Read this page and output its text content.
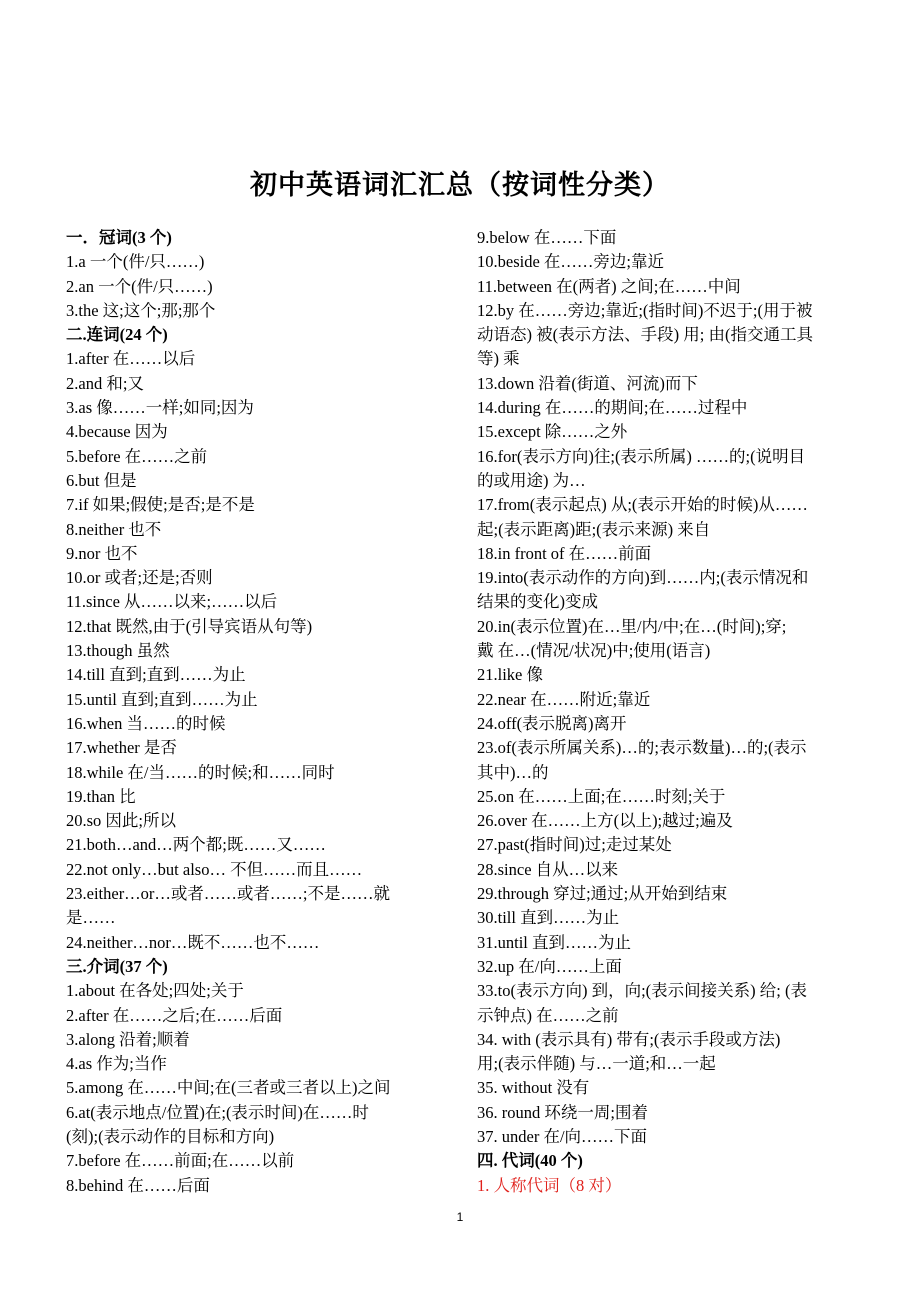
初中英语词汇汇总（按词性分类）
一．冠词(3 个)
1.a 一个(件/只……)
2.an 一个(件/只……)
3.the 这;这个;那;那个
二.连词(24 个)
1.after 在……以后
2.and 和;又
3.as 像……一样;如同;因为
4.because 因为
5.before 在……之前
6.but 但是
7.if 如果;假使;是否;是不是
8.neither 也不
9.nor 也不
10.or 或者;还是;否则
11.since 从……以来;……以后
12.that 既然,由于(引导宾语从句等)
13.though 虽然
14.till 直到;直到……为止
15.until 直到;直到……为止
16.when 当……的时候
17.whether 是否
18.while 在/当……的时候;和……同时
19.than 比
20.so 因此;所以
21.both…and…两个都;既……又……
22.not only…but also… 不但……而且……
23.either…or…或者……或者……;不是……就
是……
24.neither…nor…既不……也不……
三.介词(37 个)
1.about 在各处;四处;关于
2.after 在……之后;在……后面
3.along 沿着;顺着
4.as 作为;当作
5.among 在……中间;在(三者或三者以上)之间
6.at(表示地点/位置)在;(表示时间)在……时
(刻);(表示动作的目标和方向)
7.before 在……前面;在……以前
8.behind 在……后面
9.below 在……下面
10.beside 在……旁边;靠近
11.between 在(两者) 之间;在……中间
12.by 在……旁边;靠近;(指时间)不迟于;(用于被
动语态) 被(表示方法、手段) 用; 由(指交通工具
等) 乘
13.down 沿着(街道、河流)而下
14.during 在……的期间;在……过程中
15.except 除……之外
16.for(表示方向)往;(表示所属) ……的;(说明目
的或用途) 为…
17.from(表示起点) 从;(表示开始的时候)从……
起;(表示距离)距;(表示来源) 来自
18.in front of 在……前面
19.into(表示动作的方向)到……内;(表示情况和
结果的变化)变成
20.in(表示位置)在…里/内/中;在…(时间);穿;
戴 在…(情况/状况)中;使用(语言)
21.like 像
22.near 在……附近;靠近
24.off(表示脱离)离开
23.of(表示所属关系)…的;表示数量)…的;(表示
其中)…的
25.on 在……上面;在……时刻;关于
26.over 在……上方(以上);越过;遍及
27.past(指时间)过;走过某处
28.since 自从…以来
29.through 穿过;通过;从开始到结束
30.till 直到……为止
31.until 直到……为止
32.up 在/向……上面
33.to(表示方向) 到，向;(表示间接关系) 给; (表
示钟点) 在……之前
34. with (表示具有) 带有;(表示手段或方法)
用;(表示伴随) 与…一道;和…一起
35. without 没有
36. round 环绕一周;围着
37. under 在/向……下面
四. 代词(40 个)
1. 人称代词（8 对）
1
